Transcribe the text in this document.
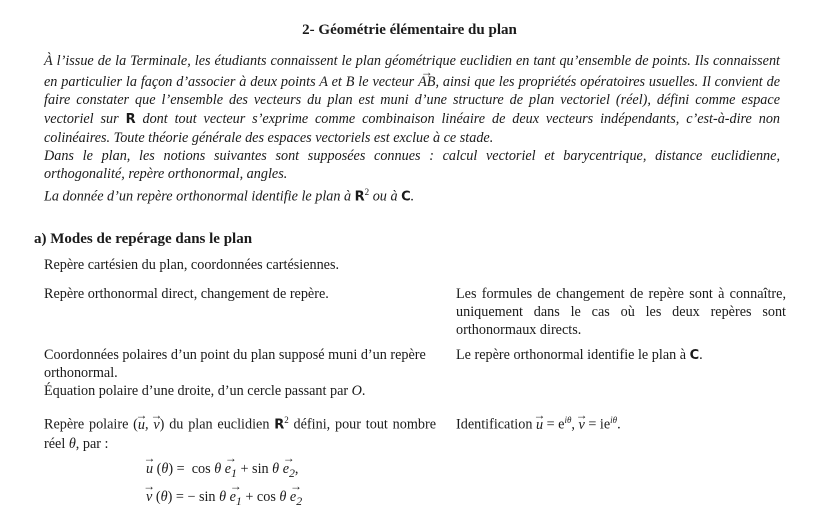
2- Géométrie élémentaire du plan

À l’issue de la Terminale, les étudiants connaissent le plan géométrique euclidien en tant qu’ensemble de points. Ils connaissent en particulier la façon d’associer à deux points A et B le vecteur → AB, ainsi que les propriétés opératoires usuelles. Il convient de faire constater que l’ensemble des vecteurs du plan est muni d’une structure de plan vectoriel (réel), défini comme espace vectoriel sur R dont tout vecteur s’exprime comme combinaison linéaire de deux vecteurs indépendants, c’est-à-dire non colinéaires. Toute théorie générale des espaces vectoriels est exclue à ce stade.

Dans le plan, les notions suivantes sont supposées connues : calcul vectoriel et barycentrique, distance euclidienne, orthogonalité, repère orthonormal, angles.

La donnée d’un repère orthonormal identifie le plan à $R^2$ ou à C.

a) Modes de repérage dans le plan
Repère cartésien du plan, coordonnées cartésiennes.
Repère orthonormal direct, changement de repère.	Les formules de changement de repère sont à connaître, uniquement dans le cas où les deux repères sont orthonormaux directs.
Coordonnées polaires d’un point du plan supposé muni d’un repère orthonormal.
Équation polaire d’une droite, d’un cercle passant par O.
Le repère orthonormal identifie le plan à C.
Repère polaire (→ u, → v) du plan euclidien $R^2$ défini, pour tout nombre réel θ, par :
Identification → $u = e^{i\theta}$, → $v = ie^{i\theta}$.
→ u $(\theta) = \cos \theta \to e_1 + \sin \theta \to e_2$,
→ v (θ) = − $\sin \theta \to e_1 + \cos \theta \to e_2$
